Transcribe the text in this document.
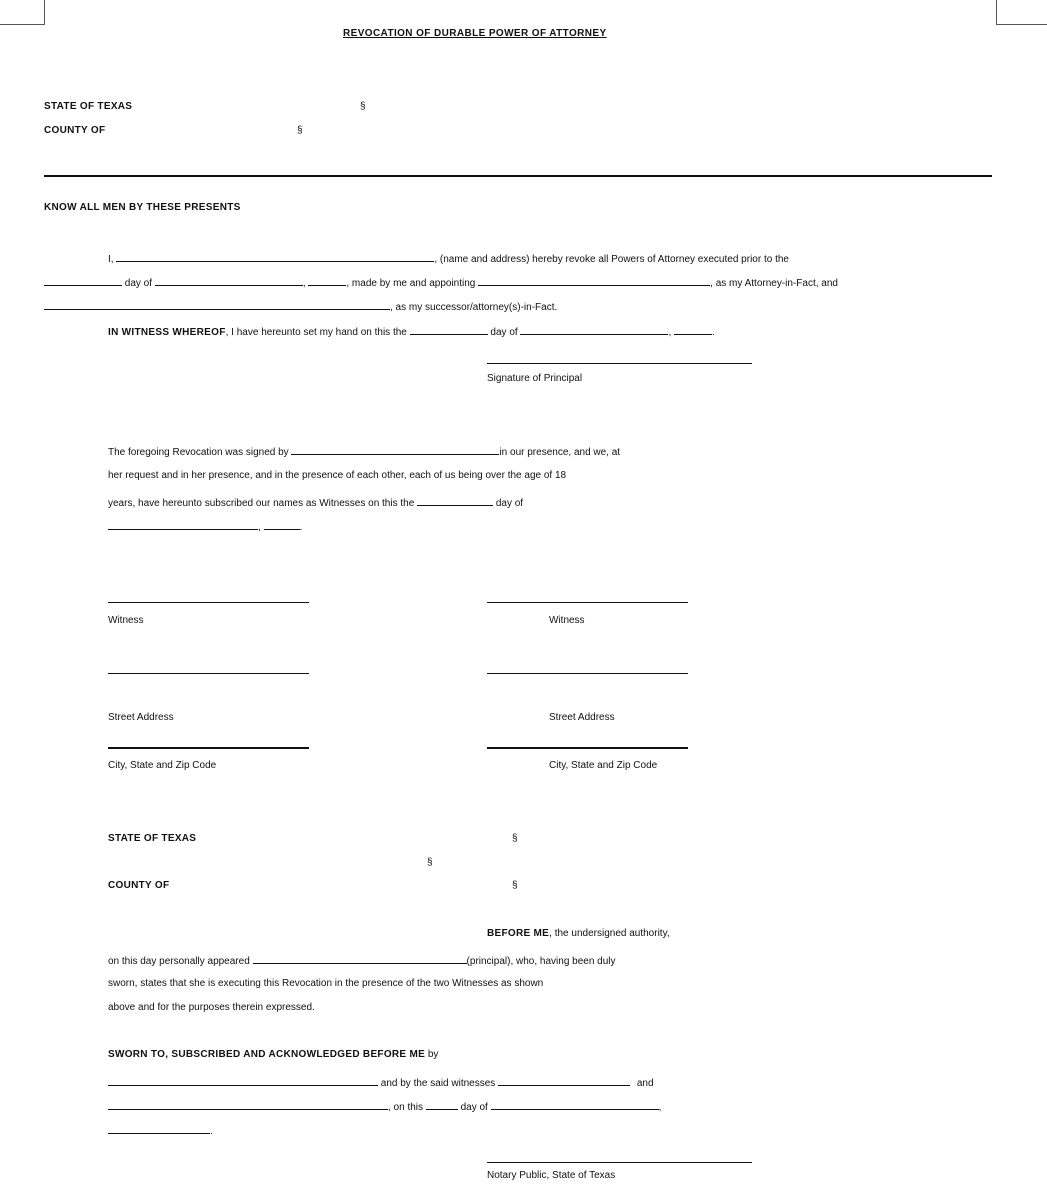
REVOCATION OF DURABLE POWER OF ATTORNEY
STATE OF TEXAS	§
COUNTY OF	§
KNOW ALL MEN BY THESE PRESENTS
I,	, (name and address) hereby revoke all Powers of Attorney executed prior to the
day of	,	, made by me and appointing	, as my Attorney-in-Fact, and
, as my successor/attorney(s)-in-Fact.
IN WITNESS WHEREOF, I have hereunto set my hand on this the	day of	,	.
Signature of Principal
The foregoing Revocation was signed by	in our presence, and we, at
her request and in her presence, and in the presence of each other, each of us being over the age of 18
years, have hereunto subscribed our names as Witnesses on this the	day of
,	.
Witness	Witness
Street Address	Street Address
City, State and Zip Code	City, State and Zip Code
STATE OF TEXAS	§
§
COUNTY OF	§
BEFORE ME, the undersigned authority,
on this day personally appeared	(principal), who, having been duly
sworn, states that she is executing this Revocation in the presence of the two Witnesses as shown
above and for the purposes therein expressed.
SWORN TO, SUBSCRIBED AND ACKNOWLEDGED BEFORE ME by
and by the said witnesses	and
, on this	day of	,
.
Notary Public, State of Texas
